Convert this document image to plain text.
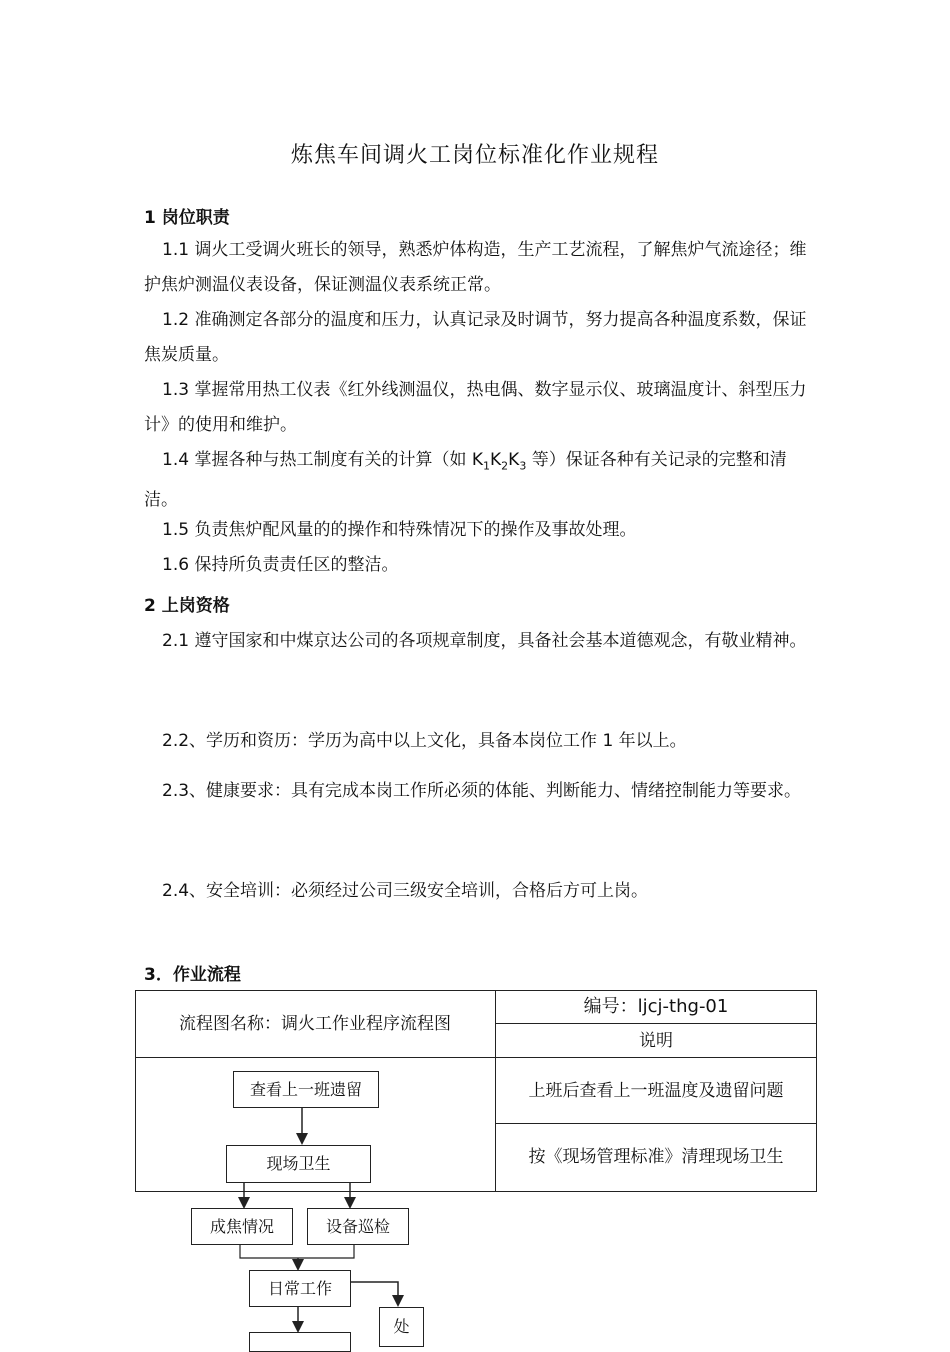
炼焦车间调火工岗位标准化作业规程
1 岗位职责

1.1 调火工受调火班长的领导，熟悉炉体构造，生产工艺流程，了解焦炉气流途径；维护焦炉测温仪表设备，保证测温仪表系统正常。

1.2 准确测定各部分的温度和压力，认真记录及时调节，努力提高各种温度系数，保证焦炭质量。

1.3 掌握常用热工仪表《红外线测温仪，热电偶、数字显示仪、玻璃温度计、斜型压力计》的使用和维护。

1.4 掌握各种与热工制度有关的计算（如 $K_1K_2K_3$ 等）保证各种有关记录的完整和清洁。

1.5 负责焦炉配风量的的操作和特殊情况下的操作及事故处理。

1.6 保持所负责责任区的整洁。

2 上岗资格

2.1 遵守国家和中煤京达公司的各项规章制度，具备社会基本道德观念，有敬业精神。

2.2、学历和资历：学历为高中以上文化，具备本岗位工作 1 年以上。

2.3、健康要求：具有完成本岗工作所必须的体能、判断能力、情绪控制能力等要求。

2.4、安全培训：必须经过公司三级安全培训，合格后方可上岗。

3．作业流程
流程图名称：调火工作业程序流程图
编号：ljcj-thg-01
说明
上班后查看上一班温度及遗留问题
按《现场管理标准》清理现场卫生
查看上一班遗留
现场卫生
成焦情况	设备巡检
日常工作
处
